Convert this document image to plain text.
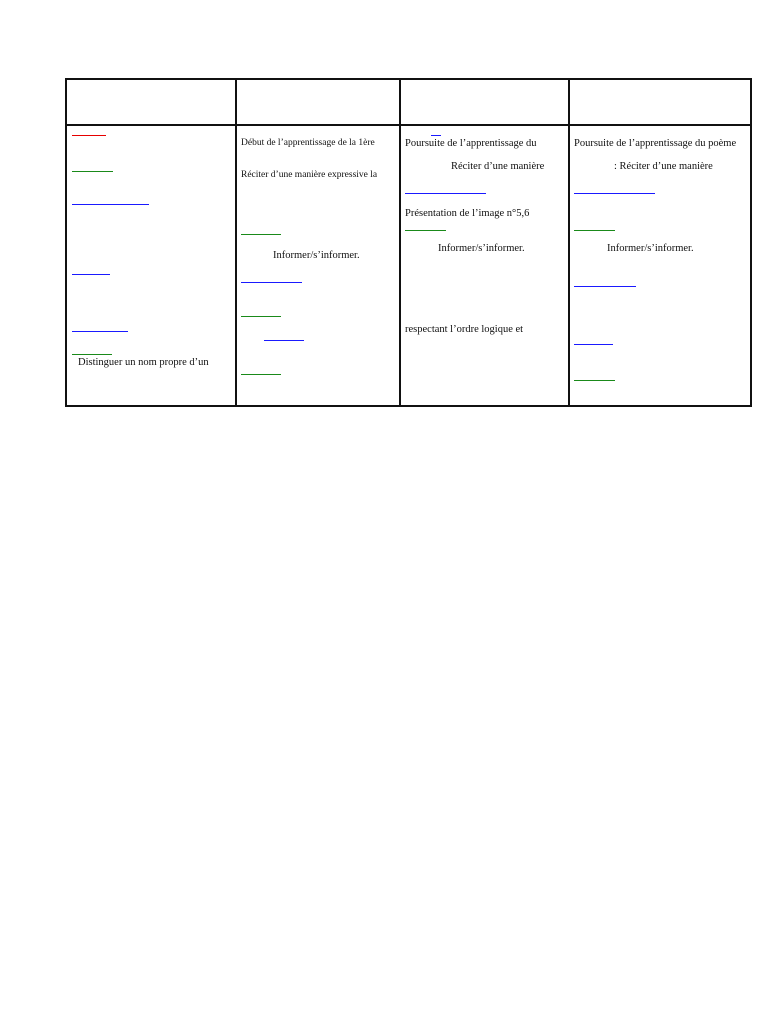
Distinguer un nom propre d’un
Début de l’apprentissage de la 1ère
Réciter d’une manière expressive la
Informer/s’informer.
Poursuite de l’apprentissage du
Réciter d’une manière
Présentation de l’image n°5,6
Informer/s’informer.
respectant l’ordre logique et
Poursuite de l’apprentissage du poème
: Réciter d’une manière
Informer/s’informer.
